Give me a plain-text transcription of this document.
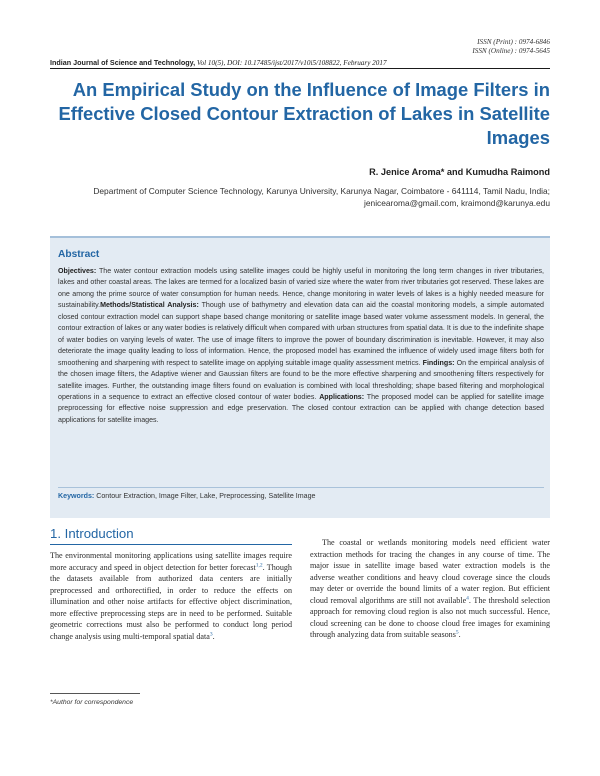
ISSN (Print) : 0974-6846
ISSN (Online) : 0974-5645
Indian Journal of Science and Technology, Vol 10(5), DOI: 10.17485/ijst/2017/v10i5/108822, February 2017
An Empirical Study on the Influence of Image Filters in Effective Closed Contour Extraction of Lakes in Satellite Images
R. Jenice Aroma* and Kumudha Raimond
Department of Computer Science Technology, Karunya University, Karunya Nagar, Coimbatore - 641114, Tamil Nadu, India; jenicearoma@gmail.com, kraimond@karunya.edu
Abstract
Objectives: The water contour extraction models using satellite images could be highly useful in monitoring the long term changes in river tributaries, lakes and other coastal areas. The lakes are termed for a localized basin of varied size where the water from river tributaries got reserved. These lakes are one among the prime source of water consumption for human needs. Hence, change monitoring in water levels of lakes is a highly needed measure for sustainability.Methods/Statistical Analysis: Though use of bathymetry and elevation data can aid the coastal monitoring models, a simple automated closed contour extraction model can support shape based change monitoring or satellite image based water volume assessment models. In general, the contour extraction of lakes or any water bodies is relatively difficult when compared with urban structures from spatial data. It is due to the indefinite shape of water bodies on varying levels of water. The use of image filters to improve the power of boundary discrimination is inevitable. However, it may also deteriorate the image quality leading to loss of information. Hence, the proposed model has examined the influence of widely used image filters both for smoothening and sharpening with respect to satellite image on applying suitable image quality assessment metrics. Findings: On the empirical analysis of the chosen image filters, the Adaptive wiener and Gaussian filters are found to be the more effective sharpening and smoothening filters respectively for satellite images. Further, the outstanding image filters found on evaluation is combined with local thresholding; shape based filtering and morphological operations in a sequence to extract an effective closed contour of water bodies. Applications: The proposed model can be applied for satellite image preprocessing for effective noise suppression and edge preservation. The closed contour extraction can be applied with change detection based applications for satellite images.
Keywords: Contour Extraction, Image Filter, Lake, Preprocessing, Satellite Image
1. Introduction
The environmental monitoring applications using satellite images require more accuracy and speed in object detection for better forecast$^{1,2}$. Though the datasets available from authorized data centers are initially preprocessed and orthorectified, in order to reduce the effects on illumination and other noise artifacts for effective object discrimination, more effective preprocessing steps are in need to be performed. Suitable geometric corrections must also be performed to conduct long period change analysis using multi-temporal spatial data$^3$.
The coastal or wetlands monitoring models need efficient water extraction methods for tracing the changes in any course of time. The major issue in satellite image based water extraction models is the adverse weather conditions and heavy cloud coverage since the clouds may deter or override the bound limits of a water region. But efficient cloud removal algorithms are still not available$^4$. The threshold selection approach for removing cloud region is also not much successful. Hence, cloud screening can be done to choose cloud free images for examining through analyzing data from suitable seasons$^5$.
*Author for correspondence
